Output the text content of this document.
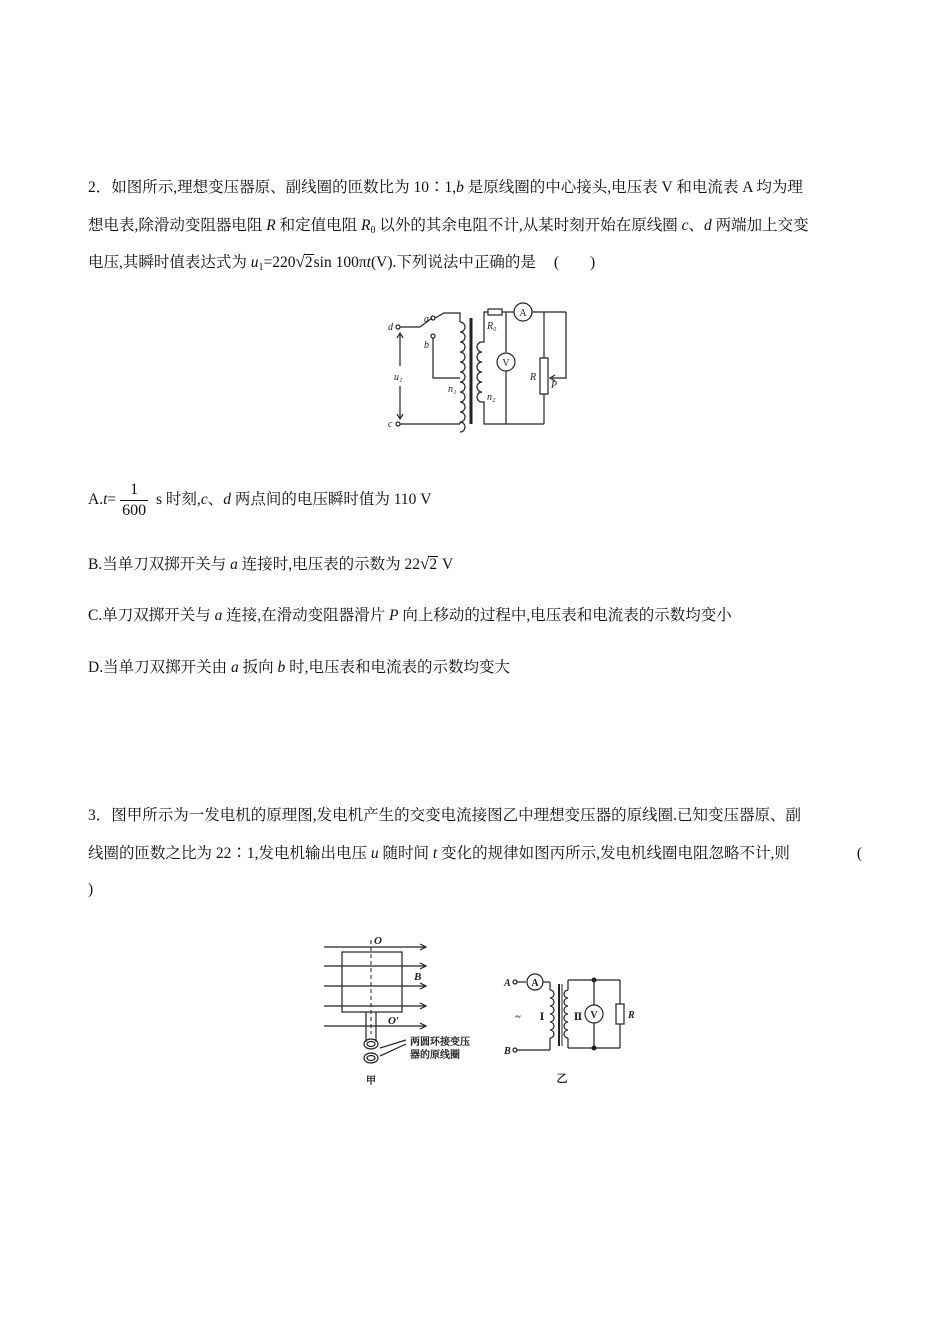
2．如图所示,理想变压器原、副线圈的匝数比为 10∶1,b 是原线圈的中心接头,电压表 V 和电流表 A 均为理
想电表,除滑动变阻器电阻 R 和定值电阻 $R_0$ 以外的其余电阻不计,从某时刻开始在原线圈 c、d 两端加上交变
电压,其瞬时值表达式为 $u_1=220√2\sin$ 100πt(V).下列说法中正确的是 (　　)
d
a
b
c
u₁
n₁
n₂
R₀
R
P
A
V
$A.t= \frac{1}{600}$ s 时刻,c、d 两点间的电压瞬时值为 110 V
B.当单刀双掷开关与 a 连接时,电压表的示数为 22√2 V
C.单刀双掷开关与 a 连接,在滑动变阻器滑片 P 向上移动的过程中,电压表和电流表的示数均变小
D.当单刀双掷开关由 a 扳向 b 时,电压表和电流表的示数均变大
3．图甲所示为一发电机的原理图,发电机产生的交变电流接图乙中理想变压器的原线圈.已知变压器原、副
线圈的匝数之比为 22∶1,发电机输出电压 u 随时间 t 变化的规律如图丙所示,发电机线圈电阻忽略不计,则	(
)
O
O′
B
两圆环接变压
器的原线圈
甲
A
B
R
A
V
~ Ⅰ	Ⅱ
乙
